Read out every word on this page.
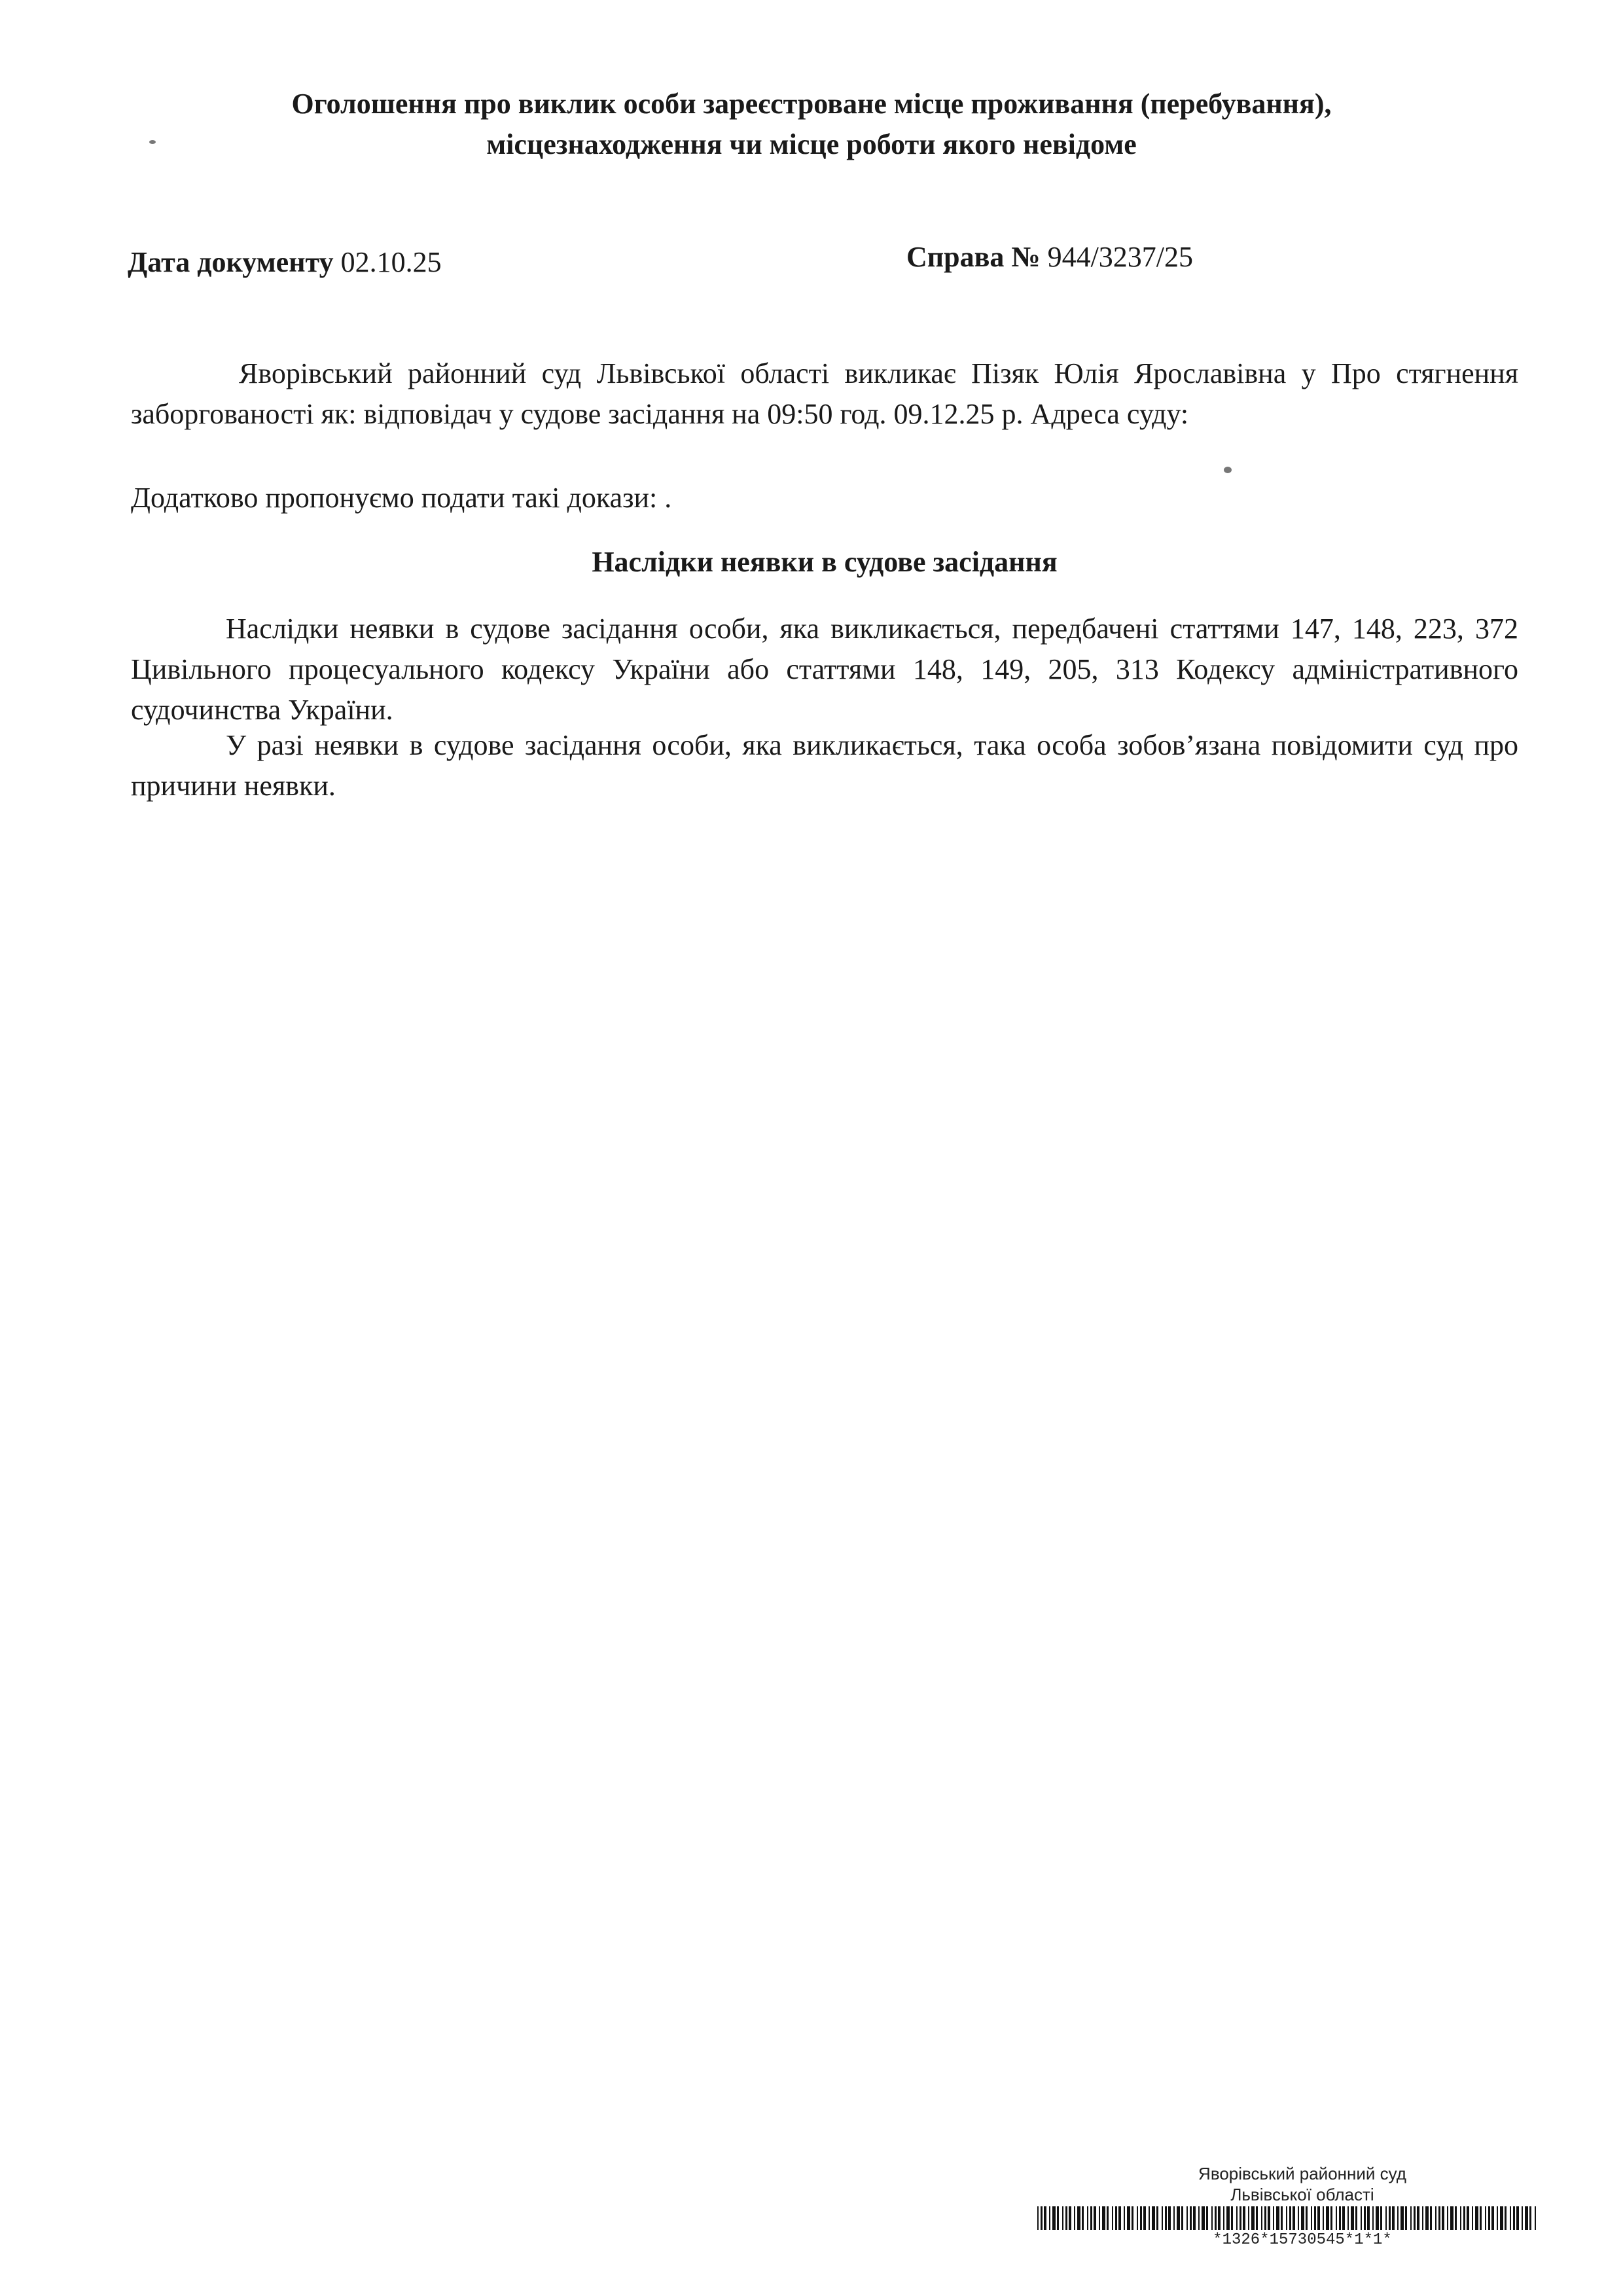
Оголошення про виклик особи зареєстроване місце проживання (перебування),
місцезнаходження чи місце роботи якого невідоме
Дата документу 02.10.25	Справа № 944/3237/25
Яворівський районний суд Львівської області викликає Пізяк Юлія Ярославівна у Про стягнення заборгованості як: відповідач у судове засідання на 09:50 год. 09.12.25 р. Адреса суду:
Додатково пропонуємо подати такі докази: .
Наслідки неявки в судове засідання
Наслідки неявки в судове засідання особи, яка викликається, передбачені статтями 147, 148, 223, 372 Цивільного процесуального кодексу України або статтями 148, 149, 205, 313 Кодексу адміністративного судочинства України.
У разі неявки в судове засідання особи, яка викликається, така особа зобов’язана повідомити суд про причини неявки.
Яворівський районний суд
Львівської області
*1326*15730545*1*1*
